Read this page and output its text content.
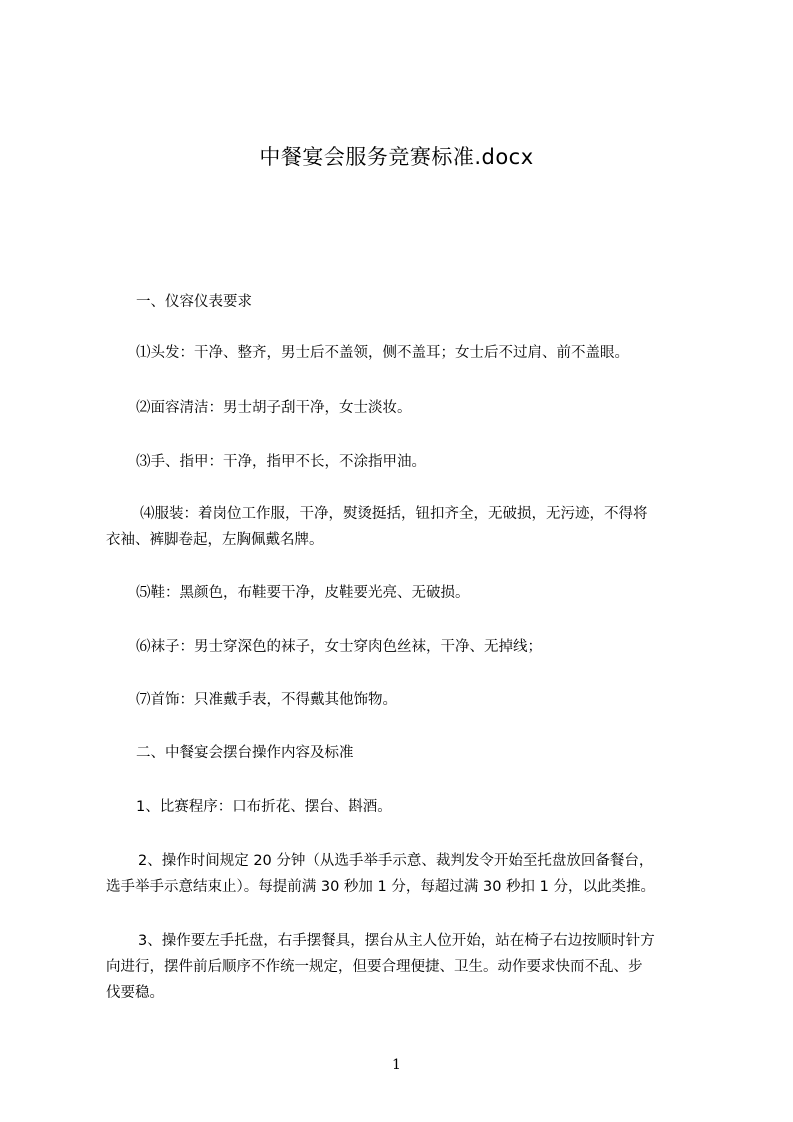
中餐宴会服务竞赛标准.docx
一、仪容仪表要求
⑴头发：干净、整齐，男士后不盖领，侧不盖耳；女士后不过肩、前不盖眼。
⑵面容清洁：男士胡子刮干净，女士淡妆。
⑶手、指甲：干净，指甲不长，不涂指甲油。
⑷服装：着岗位工作服，干净，熨烫挺括，钮扣齐全，无破损，无污迹，不得将
衣袖、裤脚卷起，左胸佩戴名牌。
⑸鞋：黑颜色，布鞋要干净，皮鞋要光亮、无破损。
⑹袜子：男士穿深色的袜子，女士穿肉色丝袜，干净、无掉线；
⑺首饰：只准戴手表，不得戴其他饰物。
二、中餐宴会摆台操作内容及标准
1、比赛程序：口布折花、摆台、斟酒。
2、操作时间规定 20 分钟（从选手举手示意、裁判发令开始至托盘放回备餐台，
选手举手示意结束止）。每提前满 30 秒加 1 分，每超过满 30 秒扣 1 分，以此类推。
3、操作要左手托盘，右手摆餐具，摆台从主人位开始，站在椅子右边按顺时针方
向进行，摆件前后顺序不作统一规定，但要合理便捷、卫生。动作要求快而不乱、步
伐要稳。
1
